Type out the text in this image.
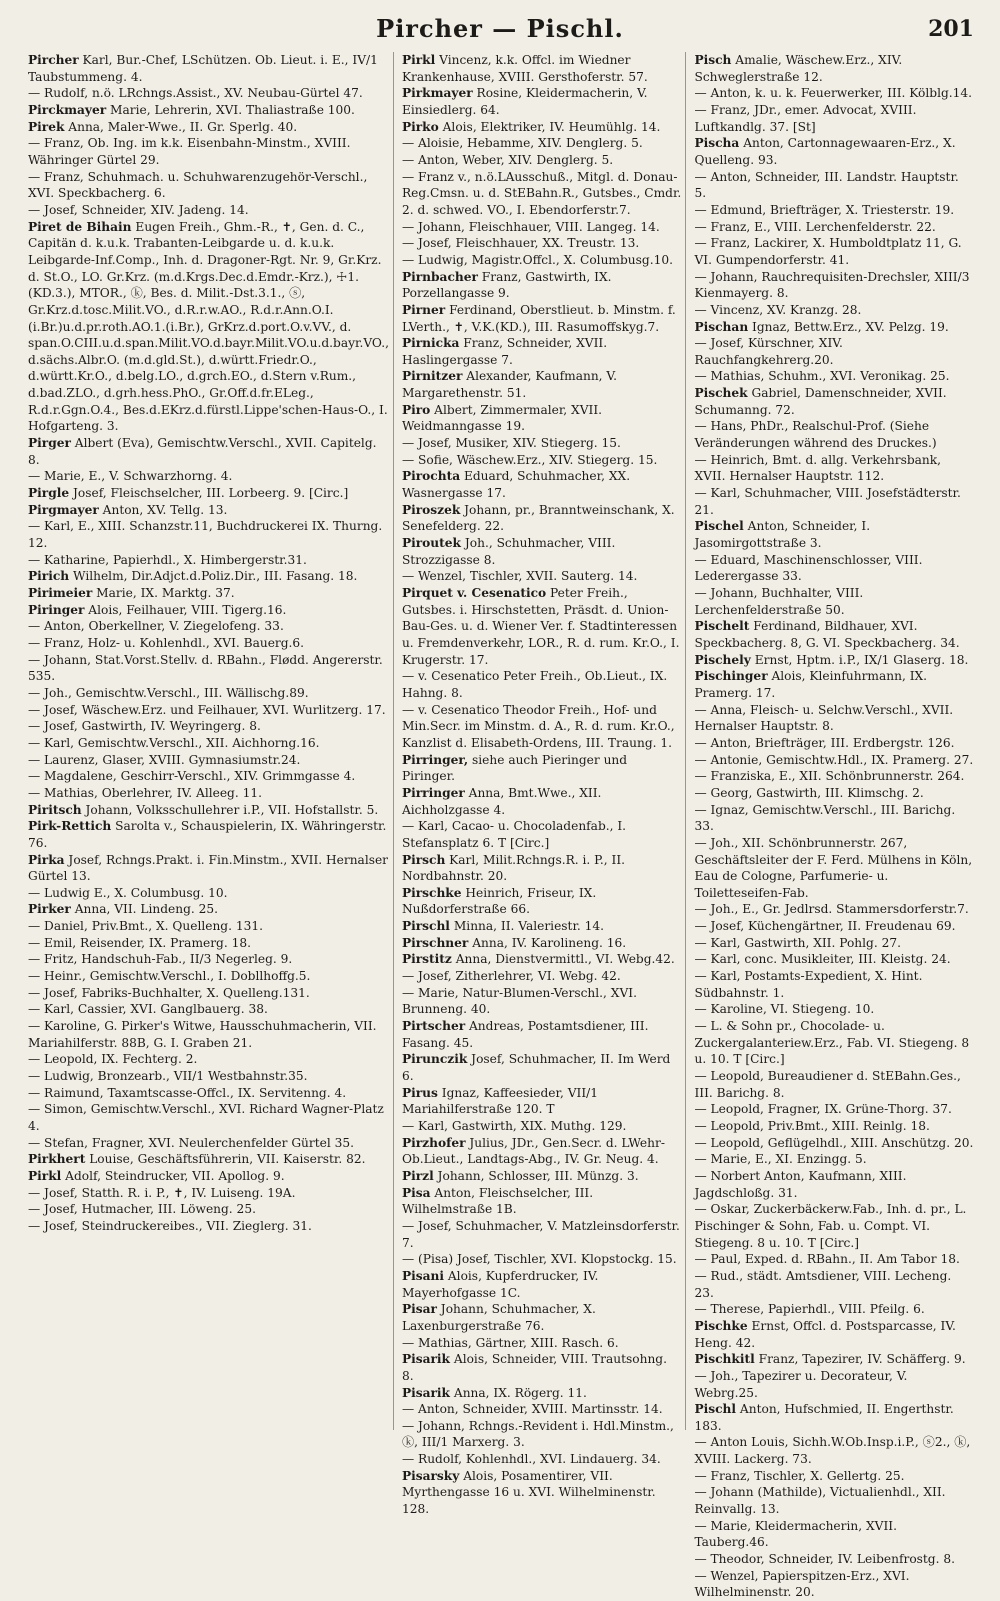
Pircher — Pischl.	201
Pircher Karl, Bur.-Chef, LSchützen. Ob. Lieut. i. E., IV/1 Taubstummeng. 4.
— Rudolf, n.ö. LRchngs.Assist., XV. Neubau-Gürtel 47.
Pirckmayer Marie, Lehrerin, XVI. Thaliastraße 100.
Pirek Anna, Maler-Wwe., II. Gr. Sperlg. 40.
— Franz, Ob. Ing. im k.k. Eisenbahn-Minstm., XVIII. Währinger Gürtel 29.
— Franz, Schuhmach. u. Schuhwarenzugehör-Verschl., XVI. Speckbacherg. 6.
— Josef, Schneider, XIV. Jadeng. 14.
Piret de Bihain Eugen Freih., Ghm.-R., ✝, Gen. d. C., Capitän d. k.u.k. Trabanten-Leibgarde u. d. k.u.k. Leibgarde-Inf.Comp., Inh. d. Dragoner-Rgt. Nr. 9, Gr.Krz. d. St.O., LO. Gr.Krz. (m.d.Krgs.Dec.d.Emdr.-Krz.), ☩1.(KD.3.), MTOR., ⓚ, Bes. d. Milit.-Dst.3.1., ⓢ, Gr.Krz.d.tosc.Milit.VO., d.R.r.w.AO., R.d.r.Ann.O.I.(i.Br.)u.d.pr.roth.AO.1.(i.Br.), GrKrz.d.port.O.v.VV., d. span.O.CIII.u.d.span.Milit.VO.d.bayr.Milit.VO.u.d.bayr.VO., d.sächs.Albr.O. (m.d.gld.St.), d.württ.Friedr.O., d.württ.Kr.O., d.belg.LO., d.grch.EO., d.Stern v.Rum., d.bad.ZLO., d.grh.hess.PhO., Gr.Off.d.fr.ELeg., R.d.r.Ggn.O.4., Bes.d.EKrz.d.fürstl.Lippe'schen-Haus-O., I. Hofgarteng. 3.
Pirger Albert (Eva), Gemischtw.Verschl., XVII. Capitelg. 8.
— Marie, E., V. Schwarzhorng. 4.
Pirgle Josef, Fleischselcher, III. Lorbeerg. 9. [Circ.]
Pirgmayer Anton, XV. Tellg. 13.
— Karl, E., XIII. Schanzstr.11, Buchdruckerei IX. Thurng. 12.
— Katharine, Papierhdl., X. Himbergerstr.31.
Pirich Wilhelm, Dir.Adjct.d.Poliz.Dir., III. Fasang. 18.
Pirimeier Marie, IX. Marktg. 37.
Piringer Alois, Feilhauer, VIII. Tigerg.16.
— Anton, Oberkellner, V. Ziegelofeng. 33.
— Franz, Holz- u. Kohlenhdl., XVI. Bauerg.6.
— Johann, Stat.Vorst.Stellv. d. RBahn., Flødd. Angererstr. 535.
— Joh., Gemischtw.Verschl., III. Wällischg.89.
— Josef, Wäschew.Erz. und Feilhauer, XVI. Wurlitzerg. 17.
— Josef, Gastwirth, IV. Weyringerg. 8.
— Karl, Gemischtw.Verschl., XII. Aichhorng.16.
— Laurenz, Glaser, XVIII. Gymnasiumstr.24.
— Magdalene, Geschirr-Verschl., XIV. Grimmgasse 4.
— Mathias, Oberlehrer, IV. Alleeg. 11.
Piritsch Johann, Volksschullehrer i.P., VII. Hofstallstr. 5.
Pirk-Rettich Sarolta v., Schauspielerin, IX. Währingerstr. 76.
Pirka Josef, Rchngs.Prakt. i. Fin.Minstm., XVII. Hernalser Gürtel 13.
— Ludwig E., X. Columbusg. 10.
Pirker Anna, VII. Lindeng. 25.
— Daniel, Priv.Bmt., X. Quelleng. 131.
— Emil, Reisender, IX. Pramerg. 18.
— Fritz, Handschuh-Fab., II/3 Negerleg. 9.
— Heinr., Gemischtw.Verschl., I. Dobllhoffg.5.
— Josef, Fabriks-Buchhalter, X. Quelleng.131.
— Karl, Cassier, XVI. Ganglbauerg. 38.
— Karoline, G. Pirker's Witwe, Hausschuhmacherin, VII. Mariahilferstr. 88B, G. I. Graben 21.
— Leopold, IX. Fechterg. 2.
— Ludwig, Bronzearb., VII/1 Westbahnstr.35.
— Raimund, Taxamtscasse-Offcl., IX. Servitenng. 4.
— Simon, Gemischtw.Verschl., XVI. Richard Wagner-Platz 4.
— Stefan, Fragner, XVI. Neulerchenfelder Gürtel 35.
Pirkhert Louise, Geschäftsführerin, VII. Kaiserstr. 82.
Pirkl Adolf, Steindrucker, VII. Apollog. 9.
— Josef, Statth. R. i. P., ✝, IV. Luiseng. 19A.
— Josef, Hutmacher, III. Löweng. 25.
— Josef, Steindruckereibes., VII. Zieglerg. 31.
Pirkl Vincenz, k.k. Offcl. im Wiedner Krankenhause, XVIII. Gersthoferstr. 57.
Pirkmayer Rosine, Kleidermacherin, V. Einsiedlerg. 64.
Pirko Alois, Elektriker, IV. Heumühlg. 14.
— Aloisie, Hebamme, XIV. Denglerg. 5.
— Anton, Weber, XIV. Denglerg. 5.
— Franz v., n.ö.LAusschuß., Mitgl. d. Donau-Reg.Cmsn. u. d. StEBahn.R., Gutsbes., Cmdr. 2. d. schwed. VO., I. Ebendorferstr.7.
— Johann, Fleischhauer, VIII. Langeg. 14.
— Josef, Fleischhauer, XX. Treustr. 13.
— Ludwig, Magistr.Offcl., X. Columbusg.10.
Pirnbacher Franz, Gastwirth, IX. Porzellangasse 9.
Pirner Ferdinand, Oberstlieut. b. Minstm. f. LVerth., ✝, V.K.(KD.), III. Rasumoffskyg.7.
Pirnicka Franz, Schneider, XVII. Haslingergasse 7.
Pirnitzer Alexander, Kaufmann, V. Margarethenstr. 51.
Piro Albert, Zimmermaler, XVII. Weidmanngasse 19.
— Josef, Musiker, XIV. Stiegerg. 15.
— Sofie, Wäschew.Erz., XIV. Stiegerg. 15.
Pirochta Eduard, Schuhmacher, XX. Wasnergasse 17.
Piroszek Johann, pr., Branntweinschank, X. Senefelderg. 22.
Piroutek Joh., Schuhmacher, VIII. Strozzigasse 8.
— Wenzel, Tischler, XVII. Sauterg. 14.
Pirquet v. Cesenatico Peter Freih., Gutsbes. i. Hirschstetten, Präsdt. d. Union-Bau-Ges. u. d. Wiener Ver. f. Stadtinteressen u. Fremdenverkehr, LOR., R. d. rum. Kr.O., I. Krugerstr. 17.
— v. Cesenatico Peter Freih., Ob.Lieut., IX. Hahng. 8.
— v. Cesenatico Theodor Freih., Hof- und Min.Secr. im Minstm. d. A., R. d. rum. Kr.O., Kanzlist d. Elisabeth-Ordens, III. Traung. 1.
Pirringer, siehe auch Pieringer und Piringer.
Pirringer Anna, Bmt.Wwe., XII. Aichholzgasse 4.
— Karl, Cacao- u. Chocoladenfab., I. Stefansplatz 6. T [Circ.]
Pirsch Karl, Milit.Rchngs.R. i. P., II. Nordbahnstr. 20.
Pirschke Heinrich, Friseur, IX. Nußdorferstraße 66.
Pirschl Minna, II. Valeriestr. 14.
Pirschner Anna, IV. Karolineng. 16.
Pirstitz Anna, Dienstvermittl., VI. Webg.42.
— Josef, Zitherlehrer, VI. Webg. 42.
— Marie, Natur-Blumen-Verschl., XVI. Brunneng. 40.
Pirtscher Andreas, Postamtsdiener, III. Fasang. 45.
Pirunczik Josef, Schuhmacher, II. Im Werd 6.
Pirus Ignaz, Kaffeesieder, VII/1 Mariahilferstraße 120. T
— Karl, Gastwirth, XIX. Muthg. 129.
Pirzhofer Julius, JDr., Gen.Secr. d. LWehr-Ob.Lieut., Landtags-Abg., IV. Gr. Neug. 4.
Pirzl Johann, Schlosser, III. Münzg. 3.
Pisa Anton, Fleischselcher, III. Wilhelmstraße 1B.
— Josef, Schuhmacher, V. Matzleinsdorferstr. 7.
— (Pisa) Josef, Tischler, XVI. Klopstockg. 15.
Pisani Alois, Kupferdrucker, IV. Mayerhofgasse 1C.
Pisar Johann, Schuhmacher, X. Laxenburgerstraße 76.
— Mathias, Gärtner, XIII. Rasch. 6.
Pisarik Alois, Schneider, VIII. Trautsohng. 8.
Pisarik Anna, IX. Rögerg. 11.
— Anton, Schneider, XVIII. Martinsstr. 14.
— Johann, Rchngs.-Revident i. Hdl.Minstm., ⓚ, III/1 Marxerg. 3.
— Rudolf, Kohlenhdl., XVI. Lindauerg. 34.
Pisarsky Alois, Posamentirer, VII. Myrthengasse 16 u. XVI. Wilhelminenstr. 128.
Pisch Amalie, Wäschew.Erz., XIV. Schweglerstraße 12.
— Anton, k. u. k. Feuerwerker, III. Kölblg.14.
— Franz, JDr., emer. Advocat, XVIII. Luftkandlg. 37. [St]
Pischa Anton, Cartonnagewaaren-Erz., X. Quelleng. 93.
— Anton, Schneider, III. Landstr. Hauptstr. 5.
— Edmund, Briefträger, X. Triesterstr. 19.
— Franz, E., VIII. Lerchenfelderstr. 22.
— Franz, Lackirer, X. Humboldtplatz 11, G. VI. Gumpendorferstr. 41.
— Johann, Rauchrequisiten-Drechsler, XIII/3 Kienmayerg. 8.
— Vincenz, XV. Kranzg. 28.
Pischan Ignaz, Bettw.Erz., XV. Pelzg. 19.
— Josef, Kürschner, XIV. Rauchfangkehrerg.20.
— Mathias, Schuhm., XVI. Veronikag. 25.
Pischek Gabriel, Damenschneider, XVII. Schumanng. 72.
— Hans, PhDr., Realschul-Prof. (Siehe Veränderungen während des Druckes.)
— Heinrich, Bmt. d. allg. Verkehrsbank, XVII. Hernalser Hauptstr. 112.
— Karl, Schuhmacher, VIII. Josefstädterstr. 21.
Pischel Anton, Schneider, I. Jasomirgottstraße 3.
— Eduard, Maschinenschlosser, VIII. Lederergasse 33.
— Johann, Buchhalter, VIII. Lerchenfelderstraße 50.
Pischelt Ferdinand, Bildhauer, XVI. Speckbacherg. 8, G. VI. Speckbacherg. 34.
Pischely Ernst, Hptm. i.P., IX/1 Glaserg. 18.
Pischinger Alois, Kleinfuhrmann, IX. Pramerg. 17.
— Anna, Fleisch- u. Selchw.Verschl., XVII. Hernalser Hauptstr. 8.
— Anton, Briefträger, III. Erdbergstr. 126.
— Antonie, Gemischtw.Hdl., IX. Pramerg. 27.
— Franziska, E., XII. Schönbrunnerstr. 264.
— Georg, Gastwirth, III. Klimschg. 2.
— Ignaz, Gemischtw.Verschl., III. Barichg. 33.
— Joh., XII. Schönbrunnerstr. 267, Geschäftsleiter der F. Ferd. Mülhens in Köln, Eau de Cologne, Parfumerie- u. Toiletteseifen-Fab.
— Joh., E., Gr. Jedlrsd. Stammersdorferstr.7.
— Josef, Küchengärtner, II. Freudenau 69.
— Karl, Gastwirth, XII. Pohlg. 27.
— Karl, conc. Musikleiter, III. Kleistg. 24.
— Karl, Postamts-Expedient, X. Hint. Südbahnstr. 1.
— Karoline, VI. Stiegeng. 10.
— L. & Sohn pr., Chocolade- u. Zuckergalanteriew.Erz., Fab. VI. Stiegeng. 8 u. 10. T [Circ.]
— Leopold, Bureaudiener d. StEBahn.Ges., III. Barichg. 8.
— Leopold, Fragner, IX. Grüne-Thorg. 37.
— Leopold, Priv.Bmt., XIII. Reinlg. 18.
— Leopold, Geflügelhdl., XIII. Anschützg. 20.
— Marie, E., XI. Enzingg. 5.
— Norbert Anton, Kaufmann, XIII. Jagdschloßg. 31.
— Oskar, Zuckerbäckerw.Fab., Inh. d. pr., L. Pischinger & Sohn, Fab. u. Compt. VI. Stiegeng. 8 u. 10. T [Circ.]
— Paul, Exped. d. RBahn., II. Am Tabor 18.
— Rud., städt. Amtsdiener, VIII. Lecheng. 23.
— Therese, Papierhdl., VIII. Pfeilg. 6.
Pischke Ernst, Offcl. d. Postsparcasse, IV. Heng. 42.
Pischkitl Franz, Tapezirer, IV. Schäfferg. 9.
— Joh., Tapezirer u. Decorateur, V. Webrg.25.
Pischl Anton, Hufschmied, II. Engerthstr. 183.
— Anton Louis, Sichh.W.Ob.Insp.i.P., ⓢ2., ⓚ, XVIII. Lackerg. 73.
— Franz, Tischler, X. Gellertg. 25.
— Johann (Mathilde), Victualienhdl., XII. Reinvallg. 13.
— Marie, Kleidermacherin, XVII. Tauberg.46.
— Theodor, Schneider, IV. Leibenfrostg. 8.
— Wenzel, Papierspitzen-Erz., XVI. Wilhelminenstr. 20.
